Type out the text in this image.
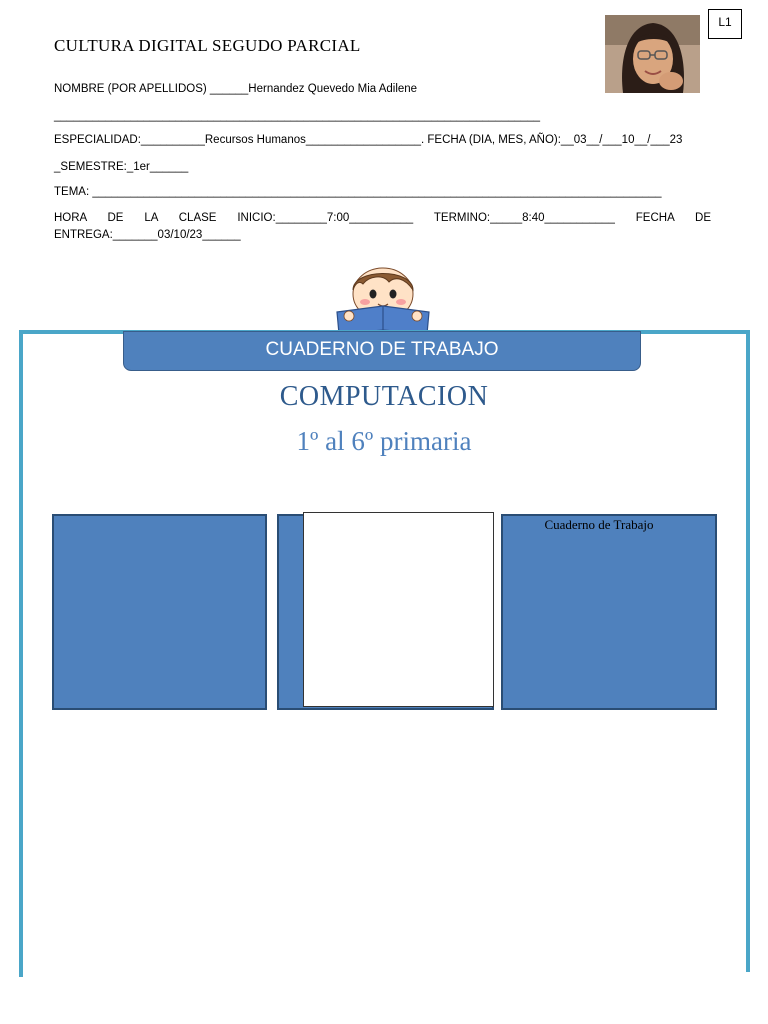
CULTURA DIGITAL SEGUDO PARCIAL
L1
NOMBRE (POR APELLIDOS) ______Hernandez Quevedo Mia Adilene
____________________________________________________________________________
ESPECIALIDAD:__________Recursos Humanos__________________. FECHA (DIA, MES, AÑO):__03__/___10__/___23
_SEMESTRE:_1er______
TEMA: _________________________________________________________________________________________
HORA DE LA CLASE INICIO:________7:00__________ TERMINO:_____8:40___________ FECHA DE
ENTREGA:_______03/10/23______
CUADERNO DE TRABAJO
COMPUTACION
1º al 6º primaria
Cuaderno de Trabajo
